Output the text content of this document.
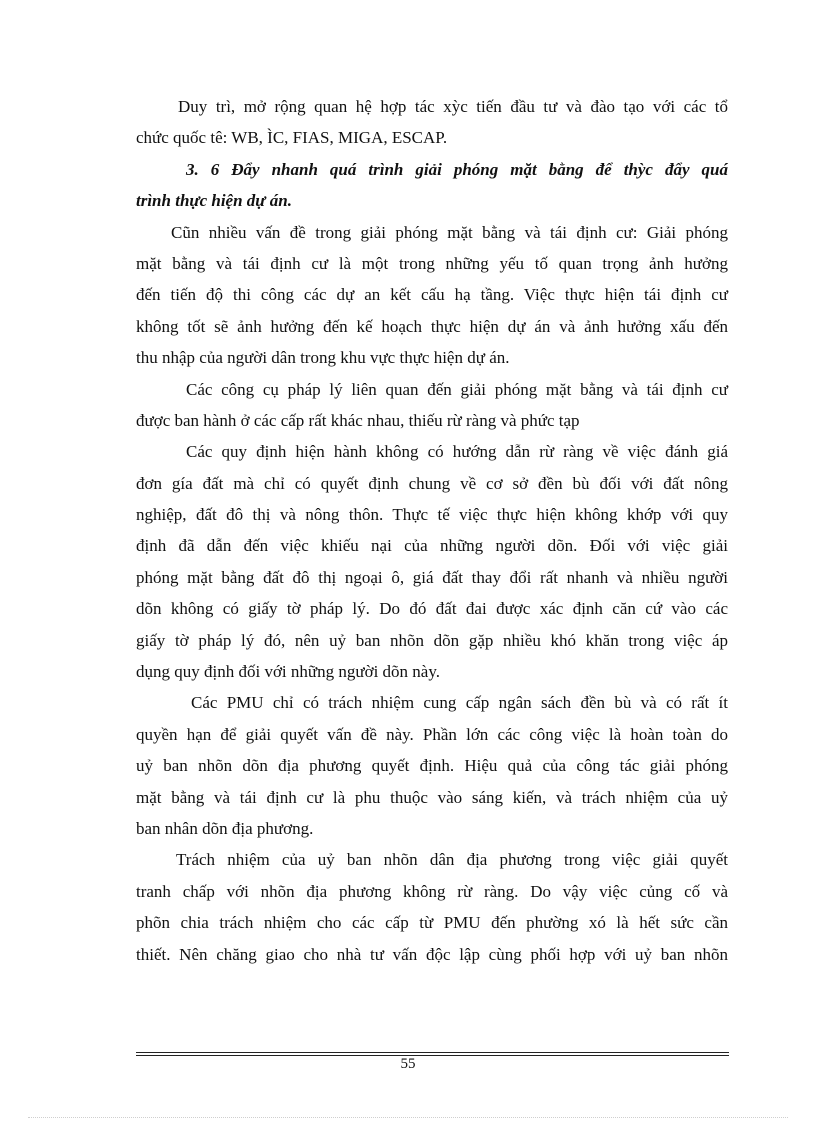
Duy trì, mở rộng quan hệ hợp tác xỳc tiến đầu tư và đào tạo với các tổ
chức quốc tê: WB, ÌC, FIAS, MIGA, ESCAP.
3. 6 Đẩy nhanh quá trình giải phóng mặt bằng để thỳc đẩy quá
trình thực hiện dự án.
Cũn nhiều vấn đề trong giải phóng mặt bằng và tái định cư: Giải phóng
mặt bằng và tái định cư là một trong những yếu tố quan trọng ảnh hưởng
đến tiến độ thi công các dự an kết cấu hạ tầng. Việc thực hiện tái định cư
không tốt sẽ ảnh hưởng đến kế hoạch thực hiện dự án và ảnh hưởng xấu đến
thu nhập của người dân trong khu vực thực hiện dự án.
Các công cụ pháp lý liên quan đến giải phóng mặt bằng và tái định cư
được ban hành ở các cấp rất khác nhau, thiếu rừ ràng và phức tạp
Các quy định hiện hành không có hướng dẫn rừ ràng về việc đánh giá
đơn gía đất mà chỉ có quyết định chung về cơ sở đền bù đối với đất nông
nghiệp, đất đô thị và nông thôn. Thực tế việc thực hiện không khớp với quy
định đã dẫn đến việc khiếu nại của những người dõn. Đối với việc giải
phóng mặt bằng đất đô thị ngoại ô, giá đất thay đổi rất nhanh và nhiều người
dõn không có giấy tờ pháp lý. Do đó đất đai được xác định căn cứ vào các
giấy tờ pháp lý đó, nên uỷ ban nhõn dõn gặp nhiều khó khăn trong việc áp
dụng quy định đối với những người dõn này.
Các PMU chỉ có trách nhiệm cung cấp ngân sách đền bù và có rất ít
quyền hạn để giải quyết vấn đề này. Phần lớn các công việc là hoàn toàn do
uỷ ban nhõn dõn địa phương quyết định. Hiệu quả của công tác giải phóng
mặt bằng và tái định cư là phu thuộc vào sáng kiến, và trách nhiệm của uỷ
ban nhân dõn địa phương.
Trách nhiệm của uỷ ban nhõn dân địa phương trong việc giải quyết
tranh chấp với nhõn địa phương không rừ ràng. Do vậy việc củng cố và
phõn chia trách nhiệm cho các cấp từ PMU đến phường xó là hết sức cần
thiết. Nên chăng giao cho nhà tư vấn độc lập cùng phối hợp với uỷ ban nhõn
55
